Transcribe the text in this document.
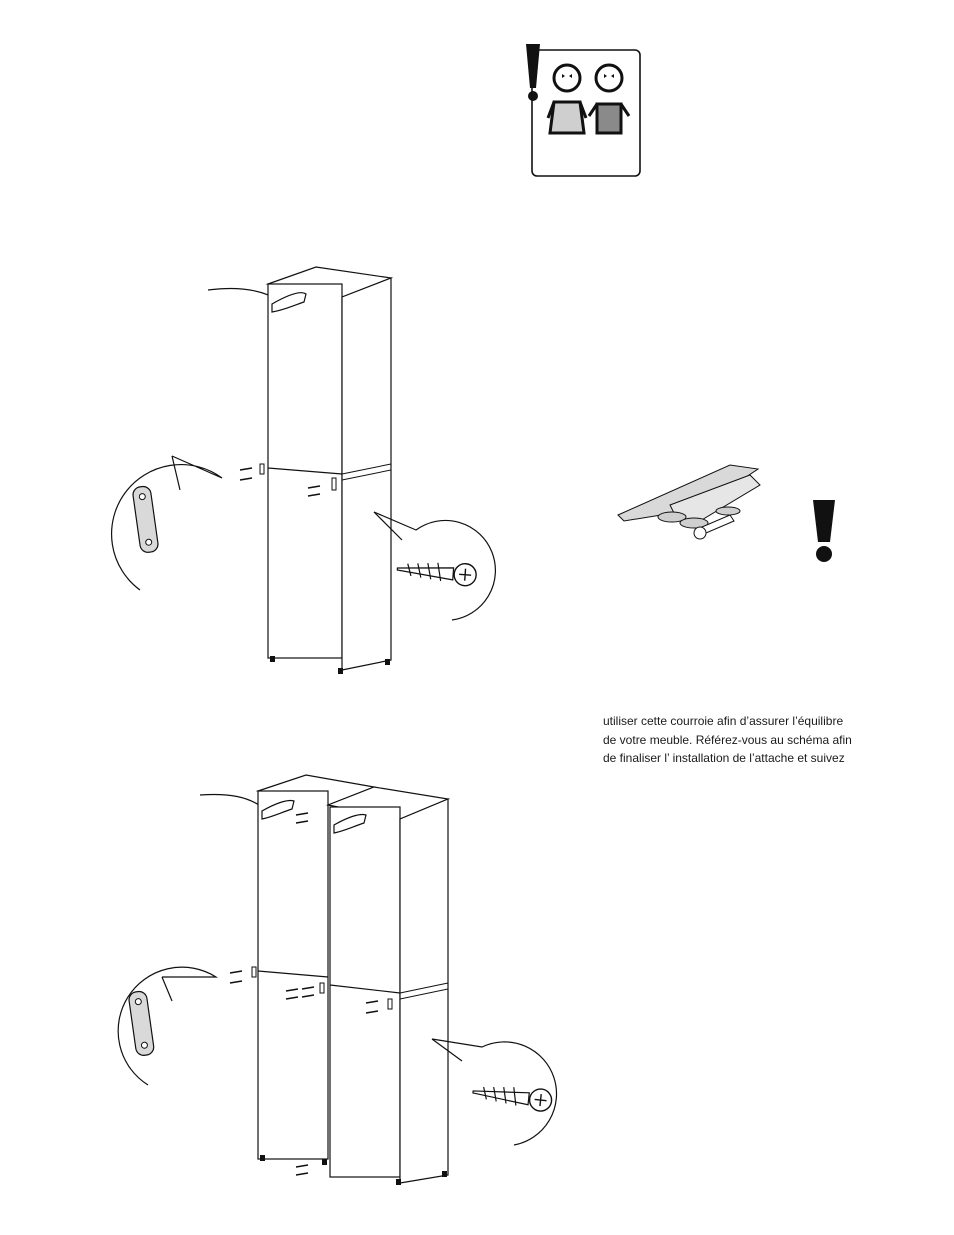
utiliser cette courroie afin d’assurer l’équilibre
de votre meuble. Référez-vous au schéma afin
de finaliser l’ installation de l’attache et suivez
